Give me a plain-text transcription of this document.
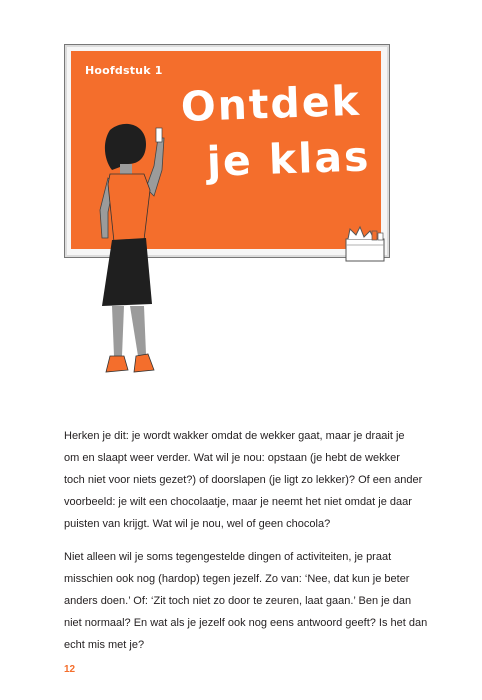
Hoofdstuk 1
Ontdek
je klas
Herken je dit: je wordt wakker omdat de wekker gaat, maar je draait je
om en slaapt weer verder. Wat wil je nou: opstaan (je hebt de wekker
toch niet voor niets gezet?) of doorslapen (je ligt zo lekker)? Of een ander
voorbeeld: je wilt een chocolaatje, maar je neemt het niet omdat je daar
puisten van krijgt. Wat wil je nou, wel of geen chocola?
Niet alleen wil je soms tegengestelde dingen of activiteiten, je praat
misschien ook nog (hardop) tegen jezelf. Zo van: ‘Nee, dat kun je beter
anders doen.’ Of: ‘Zit toch niet zo door te zeuren, laat gaan.’ Ben je dan
niet normaal? En wat als je jezelf ook nog eens antwoord geeft? Is het dan
echt mis met je?
12
